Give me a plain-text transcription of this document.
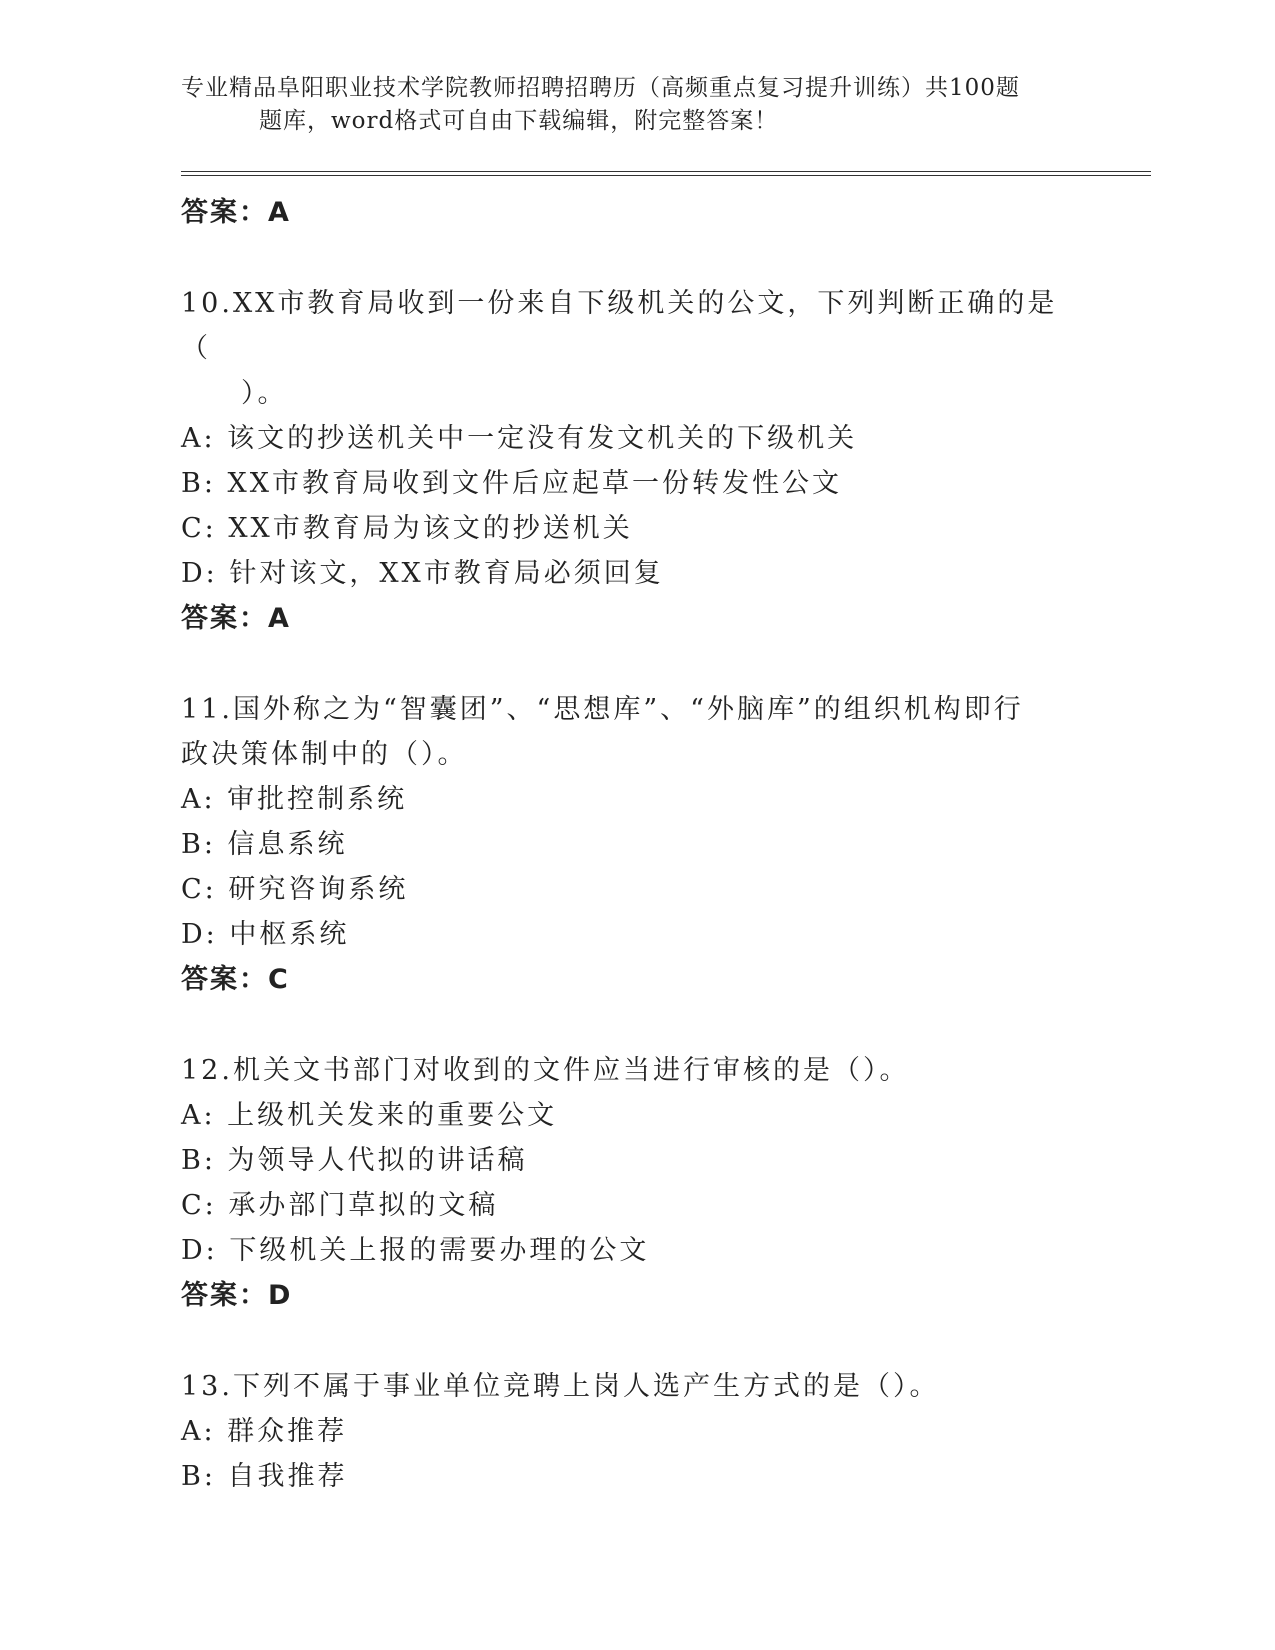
专业精品阜阳职业技术学院教师招聘招聘历（高频重点复习提升训练）共100题
题库，word格式可自由下载编辑，附完整答案！
答案：A
10.XX市教育局收到一份来自下级机关的公文，下列判断正确的是（
　　）。
A: 该文的抄送机关中一定没有发文机关的下级机关
B: XX市教育局收到文件后应起草一份转发性公文
C: XX市教育局为该文的抄送机关
D: 针对该文，XX市教育局必须回复
答案：A
11.国外称之为“智囊团”、“思想库”、“外脑库”的组织机构即行
政决策体制中的（）。
A: 审批控制系统
B: 信息系统
C: 研究咨询系统
D: 中枢系统
答案：C
12.机关文书部门对收到的文件应当进行审核的是（）。
A: 上级机关发来的重要公文
B: 为领导人代拟的讲话稿
C: 承办部门草拟的文稿
D: 下级机关上报的需要办理的公文
答案：D
13.下列不属于事业单位竞聘上岗人选产生方式的是（）。
A: 群众推荐
B: 自我推荐
